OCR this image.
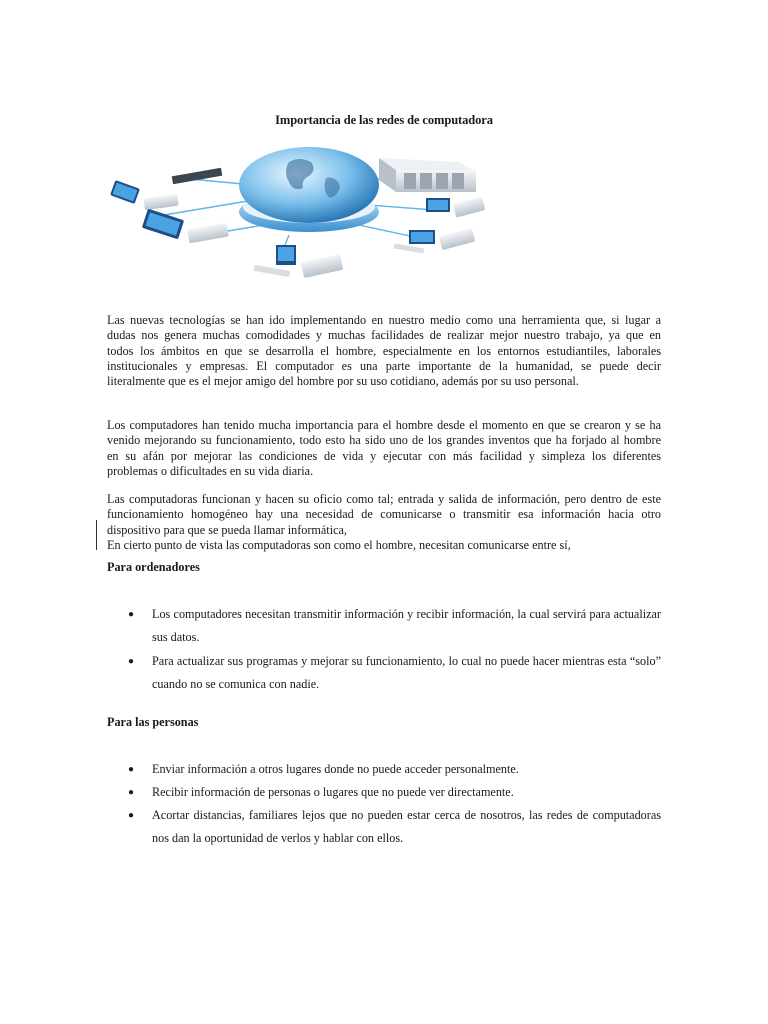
Importancia de las redes de computadora

Las nuevas tecnologías se han ido implementando en nuestro medio como una herramienta que, si lugar a
dudas nos genera muchas comodidades y muchas facilidades de realizar mejor nuestro trabajo, ya que en
todos los ámbitos en que se desarrolla el hombre, especialmente en los entornos estudiantiles, laborales
institucionales y empresas. El computador es una parte importante de la humanidad, se puede decir
literalmente que es el mejor amigo del hombre por su uso cotidiano, además por su uso personal.

Los computadores han tenido mucha importancia para el hombre desde el momento en que se crearon y se ha
venido mejorando su funcionamiento, todo esto ha sido uno de los grandes inventos que ha forjado al hombre
en su afán por mejorar las condiciones de vida y ejecutar con más facilidad y simpleza los diferentes
problemas o dificultades en su vida diaria.

Las computadoras funcionan y hacen su oficio como tal; entrada y salida de información, pero dentro de este
funcionamiento homogéneo hay una necesidad de comunicarse o transmitir esa información hacia otro
dispositivo para que se pueda llamar informática,
En cierto punto de vista las computadoras son como el hombre, necesitan comunicarse entre sí,

Para ordenadores
● Los computadores necesitan transmitir información y recibir información, la cual servirá para actualizar sus datos.
● Para actualizar sus programas y mejorar su funcionamiento, lo cual no puede hacer mientras esta “solo” cuando no se comunica con nadie.
Para las personas
● Enviar información a otros lugares donde no puede acceder personalmente.
● Recibir información de personas o lugares que no puede ver directamente.
● Acortar distancias, familiares lejos que no pueden estar cerca de nosotros, las redes de computadoras nos dan la oportunidad de verlos y hablar con ellos.
